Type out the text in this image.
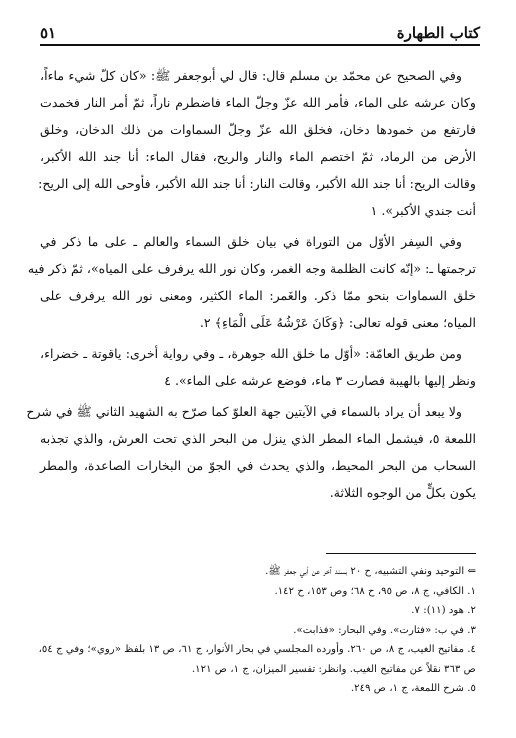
كتاب الطهارة
٥١
وفي الصحيح عن محمّد بن مسلم قال: قال لي أبوجعفر ﷺ: «كان كلّ شيء ماءاً،
وكان عرشه على الماء، فأمر الله عزّ وجلّ الماء فاضطرم ناراً، ثمّ أمر النار فخمدت
فارتفع من خمودها دخان، فخلق الله عزّ وجلّ السماوات من ذلك الدخان، وخلق
الأرض من الرماد، ثمّ اختصم الماء والنار والريح، فقال الماء: أنا جند الله الأكبر،
وقالت الريح: أنا جند الله الأكبر، وقالت النار: أنا جند الله الأكبر، فأوحى الله إلى الريح:
أنت جندي الأكبر». ١
وفي السِفر الأوّل من التوراة في بيان خلق السماء والعالم ـ على ما ذكر في
ترجمتها ـ: «إنّه كانت الظلمة وجه الغمر، وكان نور الله يرفرف على المياه»، ثمّ ذكر فيه
خلق السماوات بنحو ممّا ذكر. والغَمر: الماء الكثير، ومعنى نور الله يرفرف على
المياه؛ معنى قوله تعالى: ﴿وَكَانَ عَرْشُهُ عَلَى الْمَاءِ﴾ ٢.
ومن طريق العامّة: «أوّل ما خلق الله جوهرة، ـ وفي رواية أخرى: ياقوتة ـ خضراء،
ونظر إليها بالهيبة فصارت ٣ ماء، فوضع عرشه على الماء». ٤
ولا يبعد أن يراد بالسماء في الآيتين جهة العلوّ كما صرّح به الشهيد الثاني ﷺ في شرح
اللمعة ٥، فيشمل الماء المطر الذي ينزل من البحر الذي تحت العرش، والذي تجذبه
السحاب من البحر المحيط، والذي يحدث في الجوّ من البخارات الصاعدة، والمطر
يكون بكلٍّ من الوجوه الثلاثة.
⇐ التوحيد ونفي التشبيه، ح ٢٠ بسند آخر عن أبي جعفر ﷺ.
١. الكافي، ج ٨، ص ٩٥، ح ٦٨؛ وص ١٥٣، ح ١٤٢.
٢. هود (١١): ٧.
٣. في ب: «فثارت». وفي البحار: «فذابت».
٤. مفاتيح الغيب، ج ٨، ص ٢٦٠. وأورده المجلسي في بحار الأنوار، ج ٦١، ص ١٣ بلفظ «روي»؛ وفي ج ٥٤،
ص ٣٦٣ نقلاً عن مفاتيح الغيب. وانظر: تفسير الميزان، ج ١، ص ١٢١.
٥. شرح اللمعة، ج ١، ص ٢٤٩.
